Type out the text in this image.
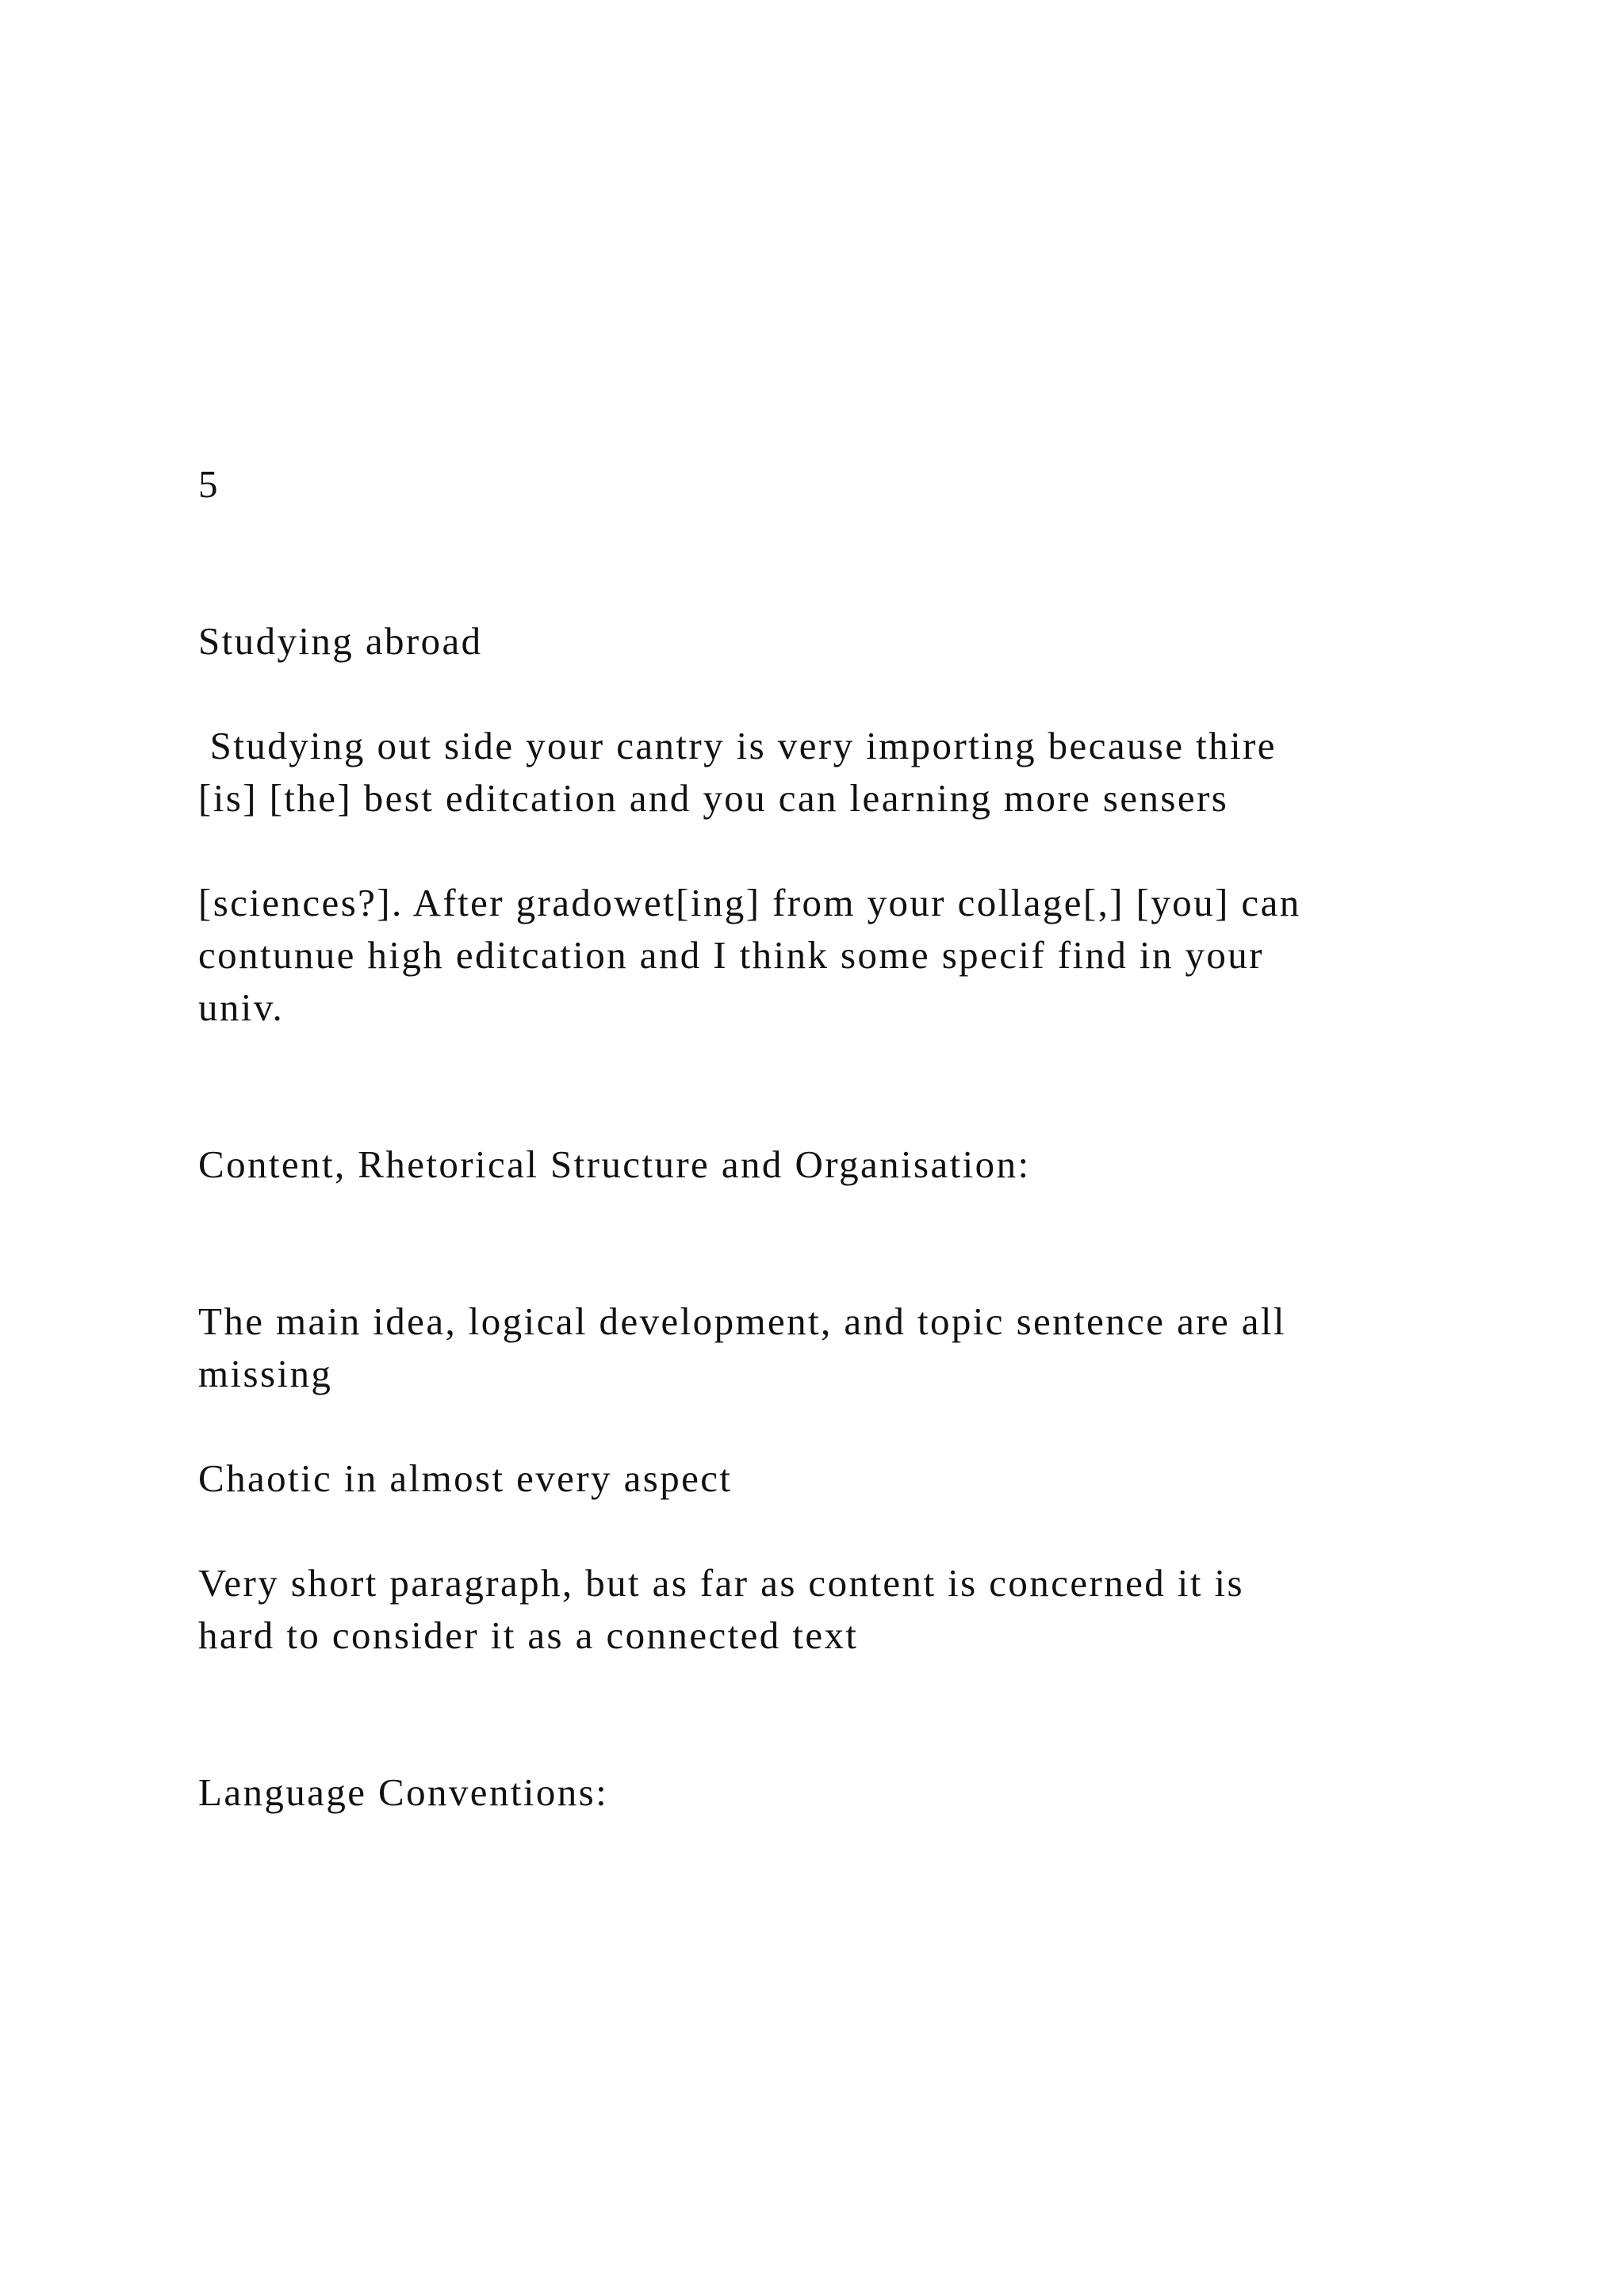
5

Studying abroad

Studying out side your cantry is very importing because thire

[is] [the] best editcation and you can learning more sensers

[sciences?]. After gradowet[ing] from your collage[,] [you] can

contunue high editcation and I think some specif find in your

univ.

Content, Rhetorical Structure and Organisation:

The main idea, logical development, and topic sentence are all

missing

Chaotic in almost every aspect

Very short paragraph, but as far as content is concerned it is

hard to consider it as a connected text

Language Conventions:
